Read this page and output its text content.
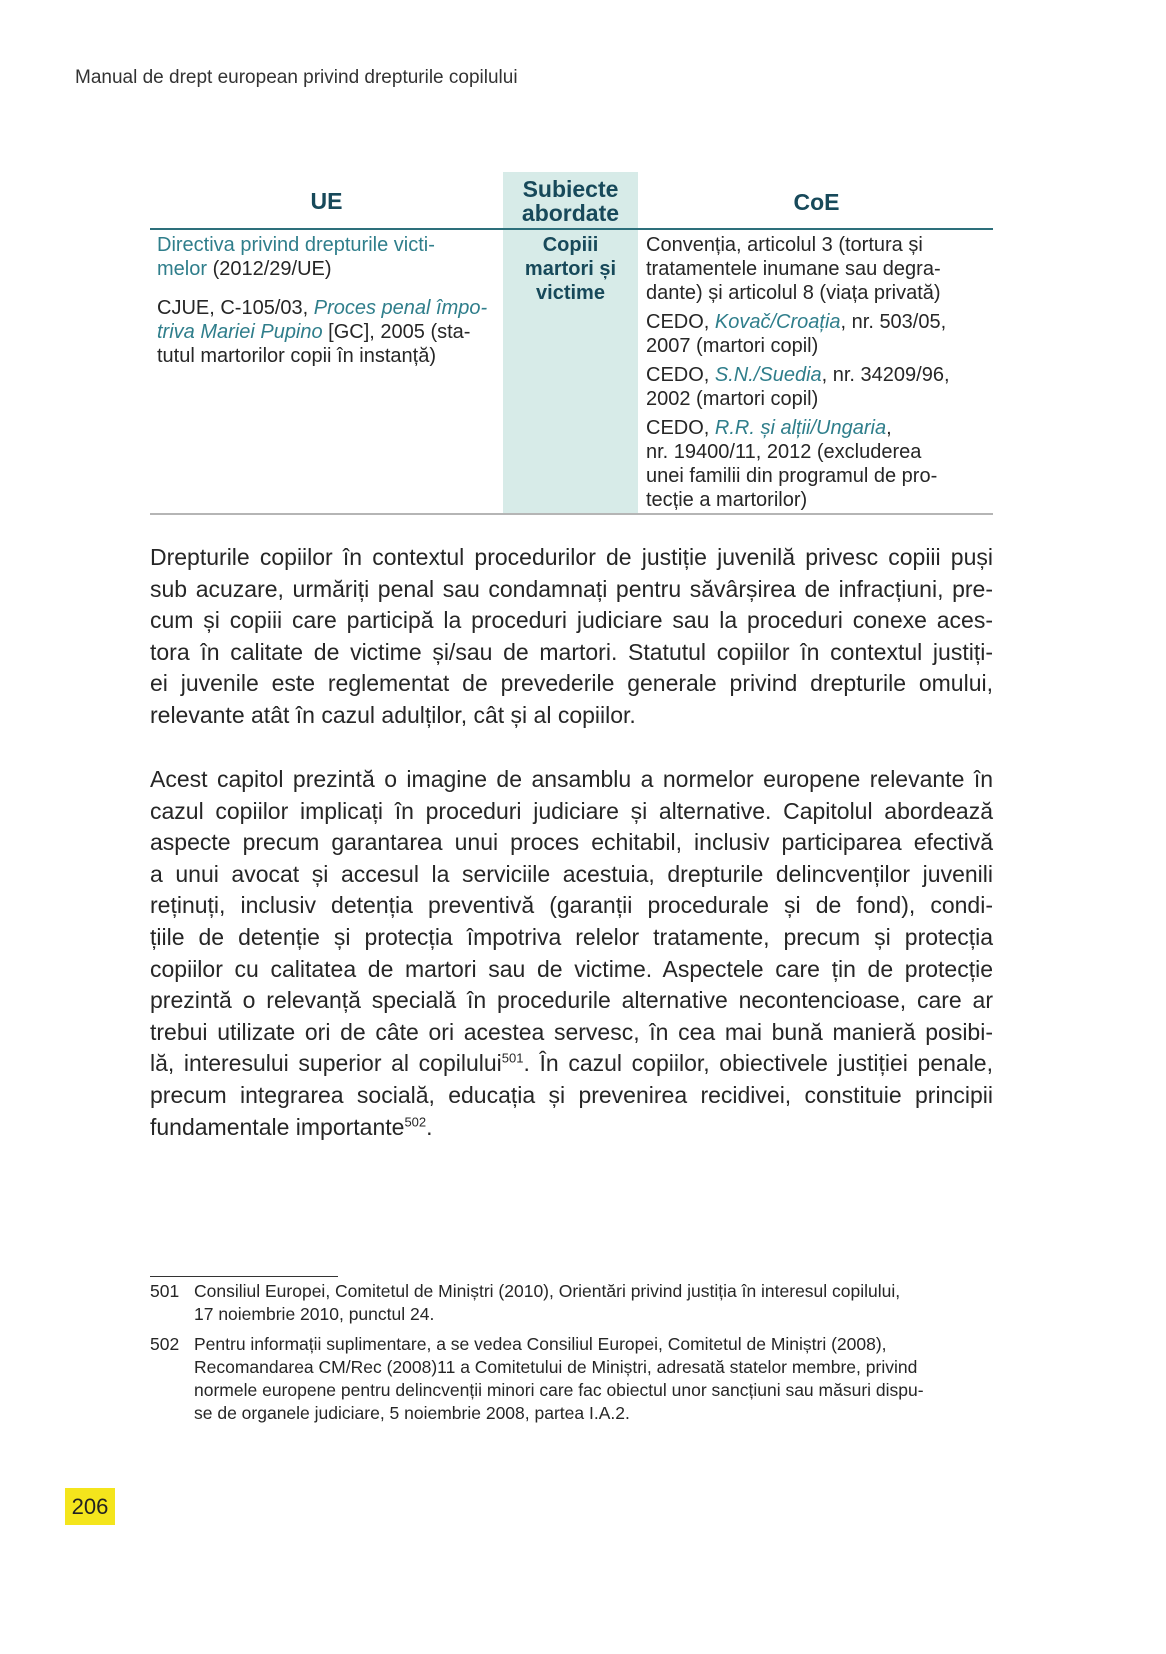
Manual de drept european privind drepturile copilului
UE	Subiecte
abordate	CoE
Directiva privind drepturile victi-
melor (2012/29/UE)
CJUE, C-105/03, Proces penal împo-
triva Mariei Pupino [GC], 2005 (sta-
tutul martorilor copii în instanță)
Copiii
martori și
victime
Convenția, articolul 3 (tortura și
tratamentele inumane sau degra-
dante) și articolul 8 (viața privată)
CEDO, Kovač/Croația, nr. 503/05,
2007 (martori copil)
CEDO, S.N./Suedia, nr. 34209/96,
2002 (martori copil)
CEDO, R.R. și alții/Ungaria,
nr. 19400/11, 2012 (excluderea
unei familii din programul de pro-
tecție a martorilor)
Drepturile copiilor în contextul procedurilor de justiție juvenilă privesc copiii puși
sub acuzare, urmăriți penal sau condamnați pentru săvârșirea de infracțiuni, pre-
cum și copiii care participă la proceduri judiciare sau la proceduri conexe aces-
tora în calitate de victime și/sau de martori. Statutul copiilor în contextul justiți-
ei juvenile este reglementat de prevederile generale privind drepturile omului,
relevante atât în cazul adulților, cât și al copiilor.
Acest capitol prezintă o imagine de ansamblu a normelor europene relevante în
cazul copiilor implicați în proceduri judiciare și alternative. Capitolul abordează
aspecte precum garantarea unui proces echitabil, inclusiv participarea efectivă
a unui avocat și accesul la serviciile acestuia, drepturile delincvenților juvenili
reținuți, inclusiv detenția preventivă (garanții procedurale și de fond), condi-
țiile de detenție și protecția împotriva relelor tratamente, precum și protecția
copiilor cu calitatea de martori sau de victime. Aspectele care țin de protecție
prezintă o relevanță specială în procedurile alternative necontencioase, care ar
trebui utilizate ori de câte ori acestea servesc, în cea mai bună manieră posibi-
lă, interesului superior al copilului$^{501}$. În cazul copiilor, obiectivele justiției penale,
precum integrarea socială, educația și prevenirea recidivei, constituie principii
fundamentale importante$^{502}$.
501 Consiliul Europei, Comitetul de Miniștri (2010), Orientări privind justiția în interesul copilului,
17 noiembrie 2010, punctul 24.
502 Pentru informații suplimentare, a se vedea Consiliul Europei, Comitetul de Miniștri (2008),
Recomandarea CM/Rec (2008)11 a Comitetului de Miniștri, adresată statelor membre, privind
normele europene pentru delincvenții minori care fac obiectul unor sancțiuni sau măsuri dispu-
se de organele judiciare, 5 noiembrie 2008, partea I.A.2.
206
